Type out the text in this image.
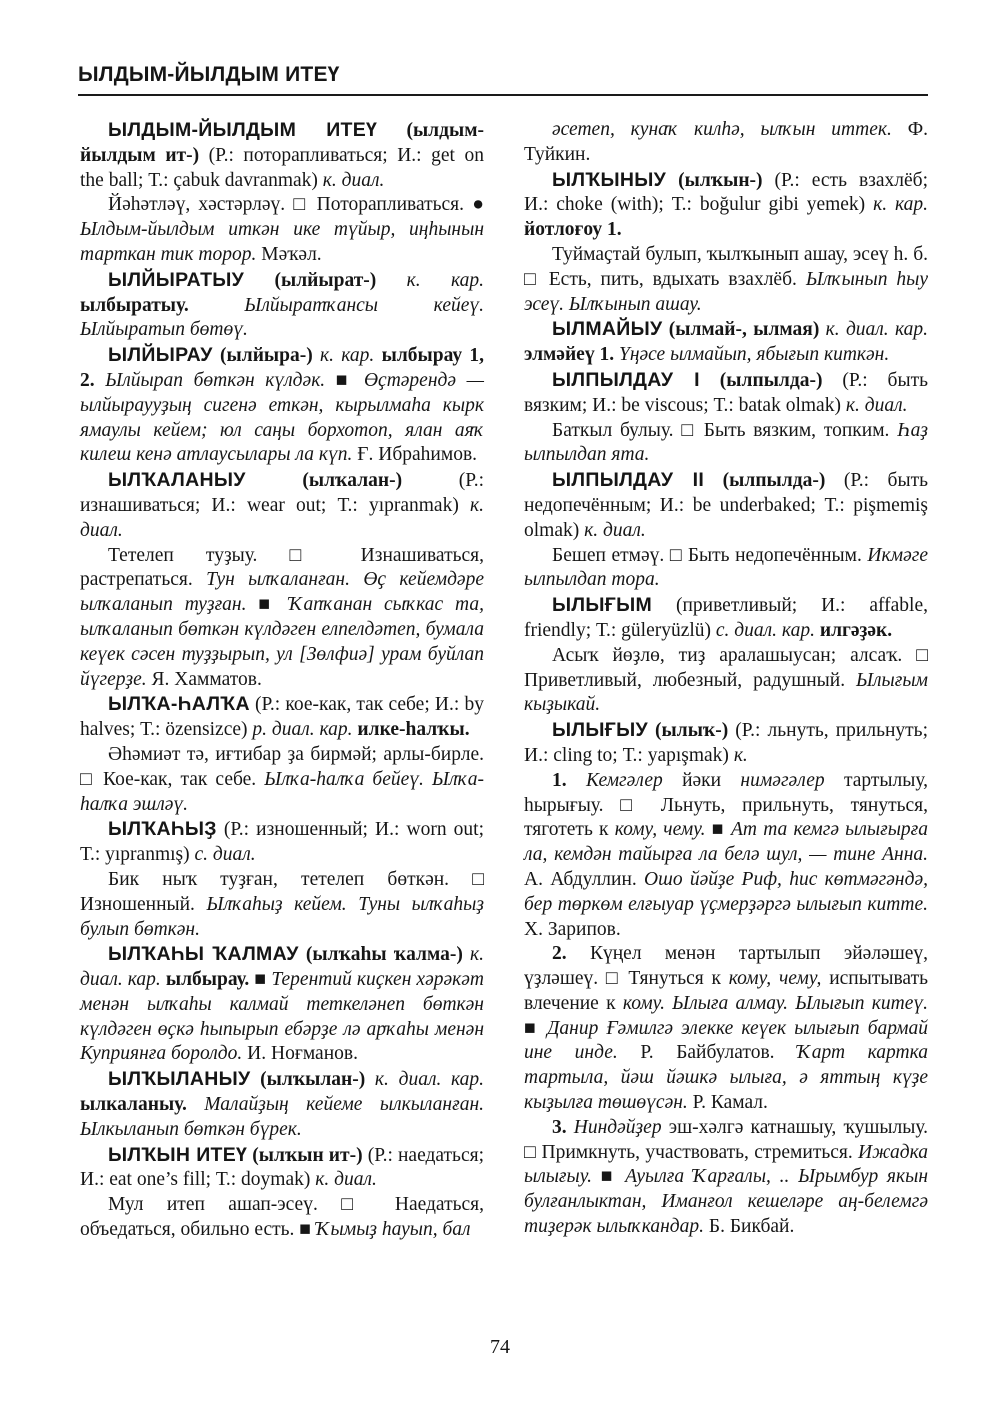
ЫЛДЫМ-ЙЫЛДЫМ ИТЕҮ

ЫЛДЫМ-ЙЫЛДЫМ ИТЕҮ (ылдым-йылдым ит-) (Р.: поторапливаться; И.: get on the ball; Т.: çabuk davranmak) к. диал.

Йәһәтләү, хәстәрләү. □ Поторапливаться. ● Ылдым-йылдым иткән ике түйыр, иңһынын тарткан тик торор. Мәҡәл.

ЫЛЙЫРАТЫУ (ылйырат-) к. кар. ылбыратыу.	Ылйыратҡансы кейеү. Ылйыратып бөтөү.

ЫЛЙЫРАУ (ылйыра-) к. кар. ылбырау 1, 2. Ылйырап бөткән күлдәк. ■ Өҫтәрендә — ылйыраууҙың сигенә еткән, кырылмаһа кырк ямаулы кейем; юл саңы борхотоп, ялан аяҡ килеш кенә атлаусылары ла күп. Ғ. Ибраһимов.

ЫЛҠАЛАНЫУ	(ылҡалан-) (Р.: изнашиваться; И.: wear out; Т.: yıpranmak) к. диал.

Тетелеп туҙыу. □ Изнашиваться, растрепаться. Тун ылҡаланған. Өҫ кейемдәре ылҡаланып туҙған. ■ Ҡапҡанан сыҡкас та, ылҡаланып бөткән күлдәген елпелдәтеп, бумала кеүек сәсен туҙҙырып, ул [Зөлфиә] урам буйлап йүгерҙе. Я. Хамматов.

ЫЛҠА-ҺАЛҠА (Р.: кое-как, так себе; И.: by halves; Т.: özensizce) р. диал. кар. илке-һалҡы.

Әһәмиәт тә, иғтибар ҙа бирмәй; арлы-бирле. □ Кое-как, так себе. Ылҡа-һалҡа бейеү. Ылҡа-һалҡа эшләү.

ЫЛҠАҺЫҘ (Р.: изношенный; И.: worn out; Т.: yıpranmış) с. диал.

Бик ныҡ туҙған, тетелеп бөткән. □ Изношенный. Ылҡаһыҙ кейем. Туны ылҡаһыҙ булып бөткән.

ЫЛҠАҺЫ ҠАЛМАУ (ылҡаһы ҡалма-) к. диал. кар. ылбырау. ■ Терентий киҫкен хәрәкәт менән ылҡаһы калмай теткеләнеп бөткән күлдәген өҫкә һыпырып ебәрҙе лә арҡаһы менән Куприянға боролдо. И. Ноғманов.

ЫЛҠЫЛАНЫУ (ылҡылан-) к. диал. кар. ылкаланыу. Малайҙың кейеме ылкыланған. Ылкыланып бөткән бүрек.

ЫЛҠЫН ИТЕҮ (ылҡын ит-) (Р.: наедаться; И.: eat one’s fill; Т.: doymak) к. диал.

Мул итеп ашап-эсеү. □ Наедаться, объедаться, обильно есть. ■ Ҡымыҙ һауып, бал

әсетеп, кунаҡ килһә, ылҡын иттек. Ф. Туйкин.

ЫЛҠЫНЫУ (ылҡын-) (Р.: есть взахлёб; И.: choke (with); Т.: boğulur gibi yemek) к. кар. йотлоғоу 1.

Туймаҫтай булып, ҡылҡынып ашау, эсеү һ. б. □ Есть, пить, вдыхать взахлёб. Ылҡынып һыу эсеү. Ылҡынып ашау.

ЫЛМАЙЫУ (ылмай-, ылмая) к. диал. кар. элмәйеү 1. Үңәсе ылмайып, ябығып киткән.

ЫЛПЫЛДАУ I (ылпылда-) (Р.: быть вязким; И.: be viscous; Т.: batak olmak) к. диал.

Баткыл булыу. □ Быть вязким, топким. Һаҙ ылпылдап ята.

ЫЛПЫЛДАУ II (ылпылда-) (Р.: быть недопечённым; И.: be underbaked; Т.: pişmemiş olmak) к. диал.

Бешеп етмәү. □ Быть недопечённым. Икмәге ылпылдап тора.

ЫЛЫҒЫМ (приветливый; И.: affable, friendly; Т.: güleryüzlü) с. диал. кар. илгәҙәк.

Асыҡ йөҙлө, тиҙ аралашыусан; алсаҡ. □ Приветливый, любезный, радушный. Ылығым кыҙыкай.

ЫЛЫҒЫУ (ылыҡ-) (Р.: льнуть, прильнуть; И.: cling to; Т.: yapışmak) к.

1. Кемгәлер йәки нимәгәлер тартылыу, һырығыу. □ Льнуть, прильнуть, тянуться, тяготеть к кому, чему. ■ Ат та кемгә ылығырға ла, кемдән тайырға ла белә шул, — тине Анна. А. Абдуллин. Ошо йәйҙе Риф, һис көтмәгәндә, бер төркөм елғыуар үҫмерҙәргә ылығып китте. Х. Зарипов.

2. Күңел менән тартылып эйәләшеү, үҙләшеү. □ Тянуться к кому, чему, испытывать влечение к кому. Ылыға алмау. Ылығып китеү. ■ Данир Ғәмилгә элекке кеүек ылығып бармай ине инде. Р. Байбулатов. Ҡарт картка тартыла, йәш йәшкә ылыға, ә яттың күҙе кыҙылға төшөүсән. Р. Камал.

3. Ниндәйҙер эш-хәлгә катнашыу, ҡушылыу. □ Примкнуть, участвовать, стремиться. Ижадка ылығыу. ■ Ауылға Ҡарғалы, .. Ырымбур якын булғанлыктан, Иманғол кешеләре аң-белемгә тиҙерәк ылыҡкандар. Б. Бикбай.

74
